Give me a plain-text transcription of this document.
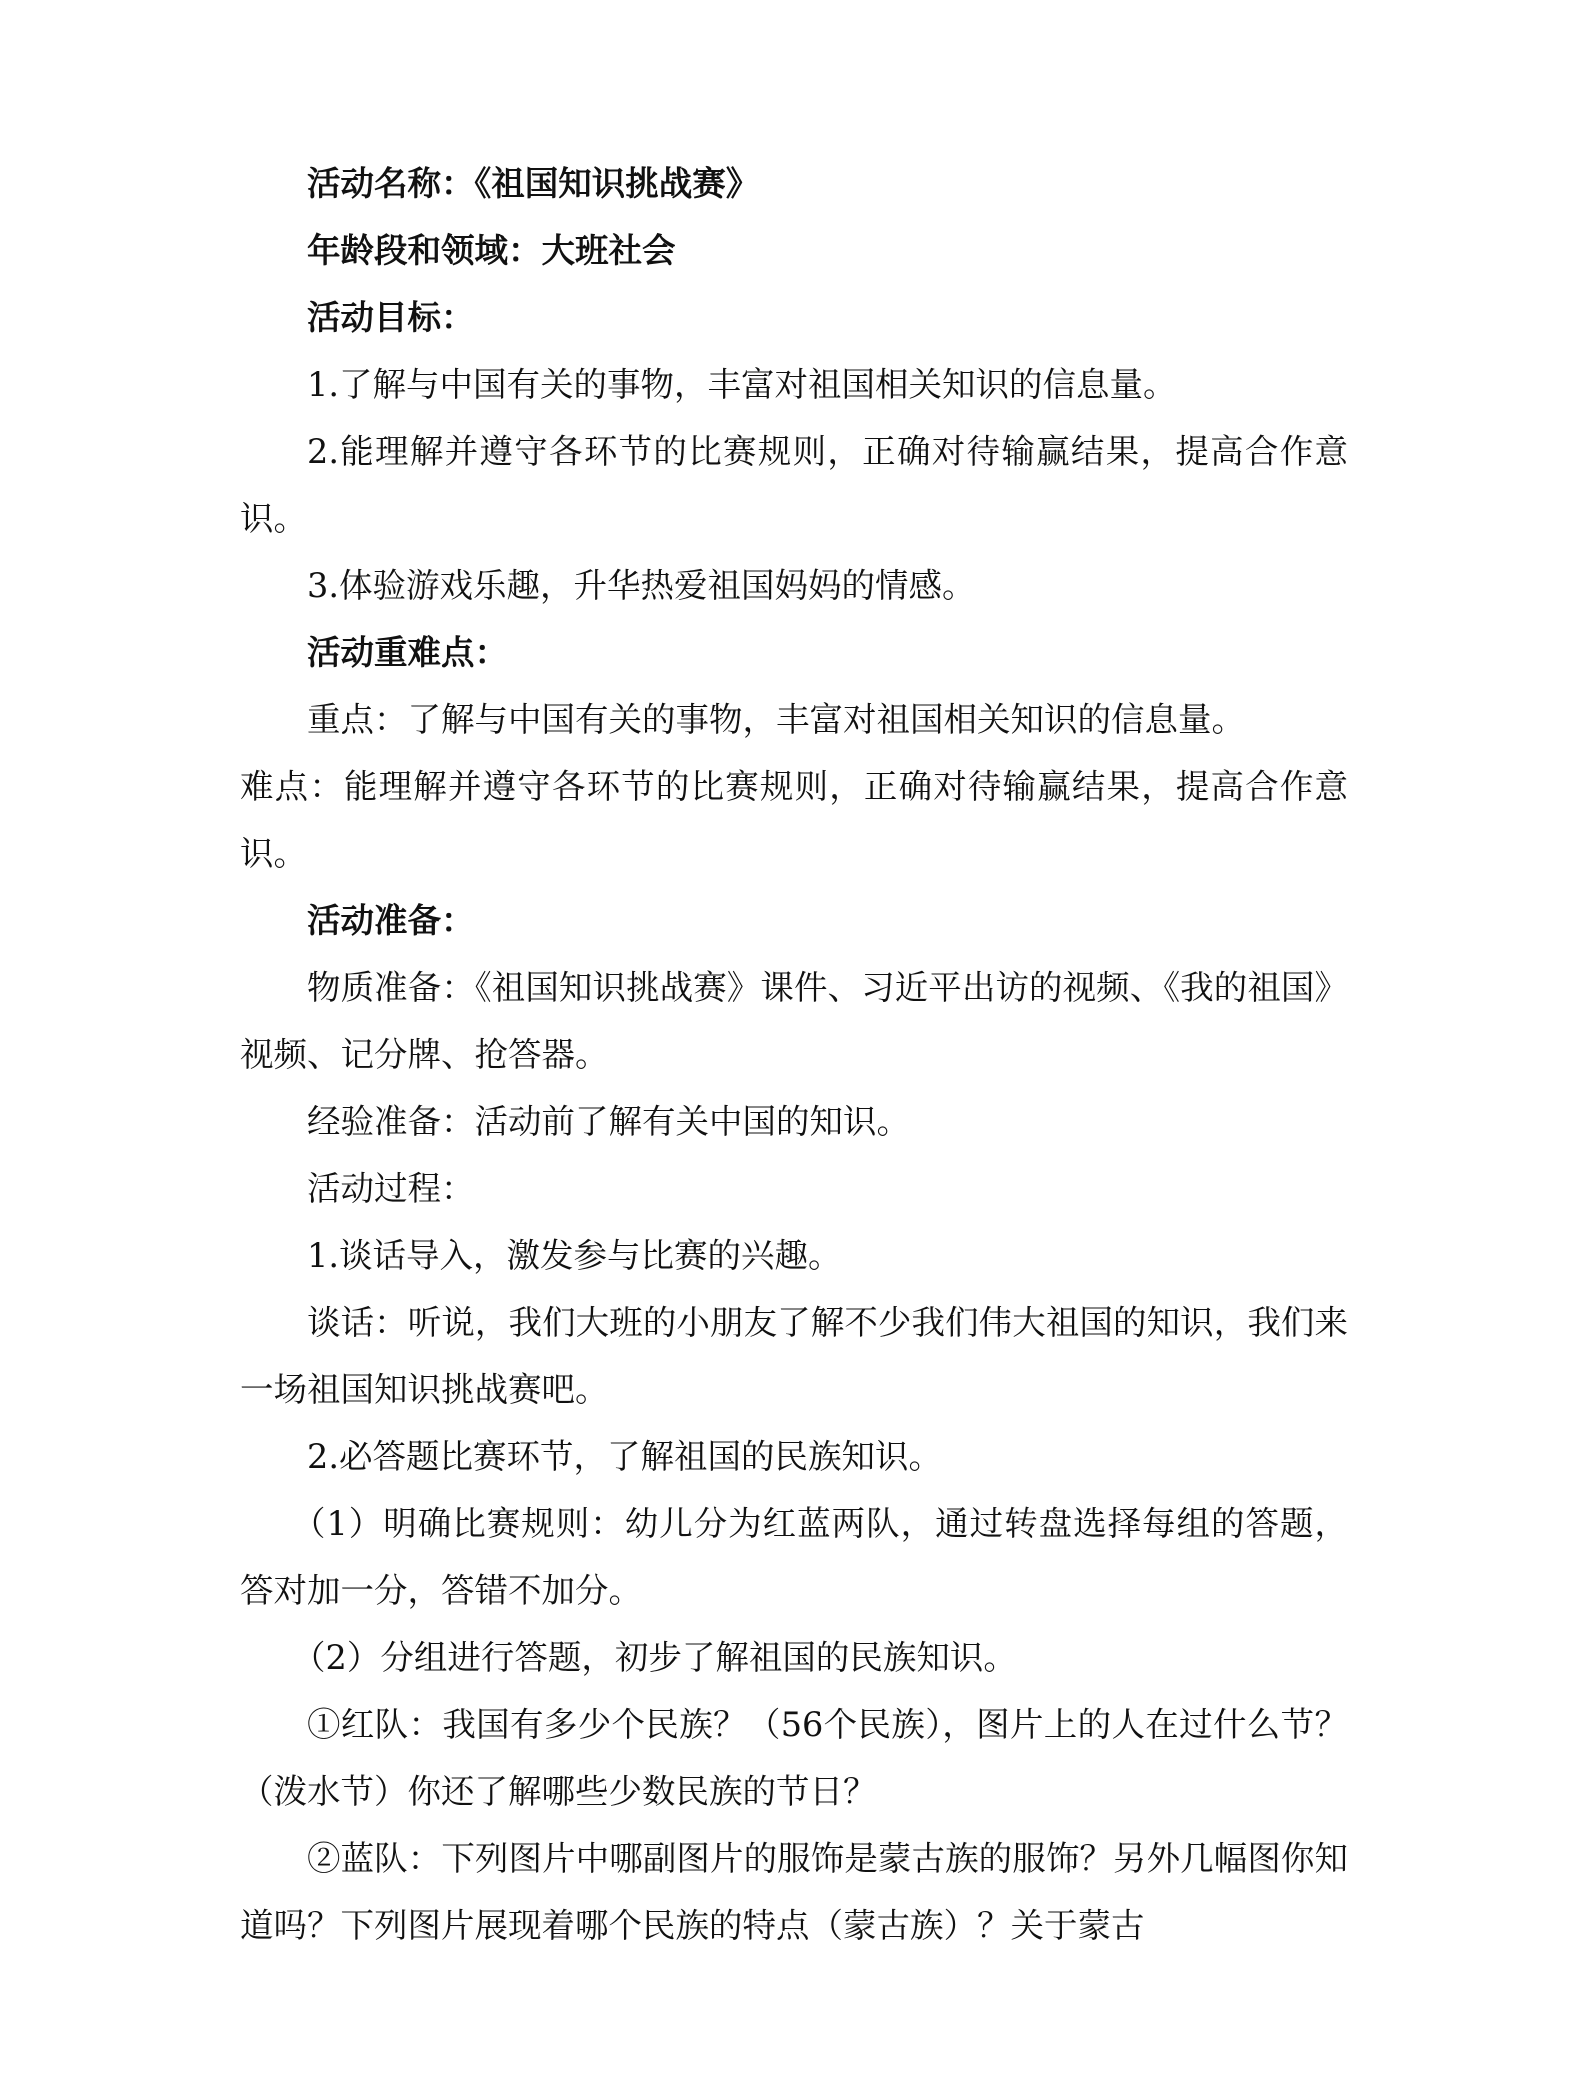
活动名称：《祖国知识挑战赛》

年龄段和领域：大班社会

活动目标：

1.了解与中国有关的事物，丰富对祖国相关知识的信息量。

2.能理解并遵守各环节的比赛规则，正确对待输赢结果，提高合作意识。

3.体验游戏乐趣，升华热爱祖国妈妈的情感。

活动重难点：

重点：了解与中国有关的事物，丰富对祖国相关知识的信息量。

难点：能理解并遵守各环节的比赛规则，正确对待输赢结果，提高合作意识。

活动准备：

物质准备：《祖国知识挑战赛》课件、习近平出访的视频、《我的祖国》视频、记分牌、抢答器。

经验准备：活动前了解有关中国的知识。

活动过程：

1.谈话导入，激发参与比赛的兴趣。

谈话：听说，我们大班的小朋友了解不少我们伟大祖国的知识，我们来一场祖国知识挑战赛吧。

2.必答题比赛环节，了解祖国的民族知识。

（1）明确比赛规则：幼儿分为红蓝两队，通过转盘选择每组的答题，答对加一分，答错不加分。

（2）分组进行答题，初步了解祖国的民族知识。

①红队：我国有多少个民族？（56个民族），图片上的人在过什么节？（泼水节）你还了解哪些少数民族的节日？

②蓝队：下列图片中哪副图片的服饰是蒙古族的服饰？另外几幅图你知道吗？下列图片展现着哪个民族的特点（蒙古族）？关于蒙古
